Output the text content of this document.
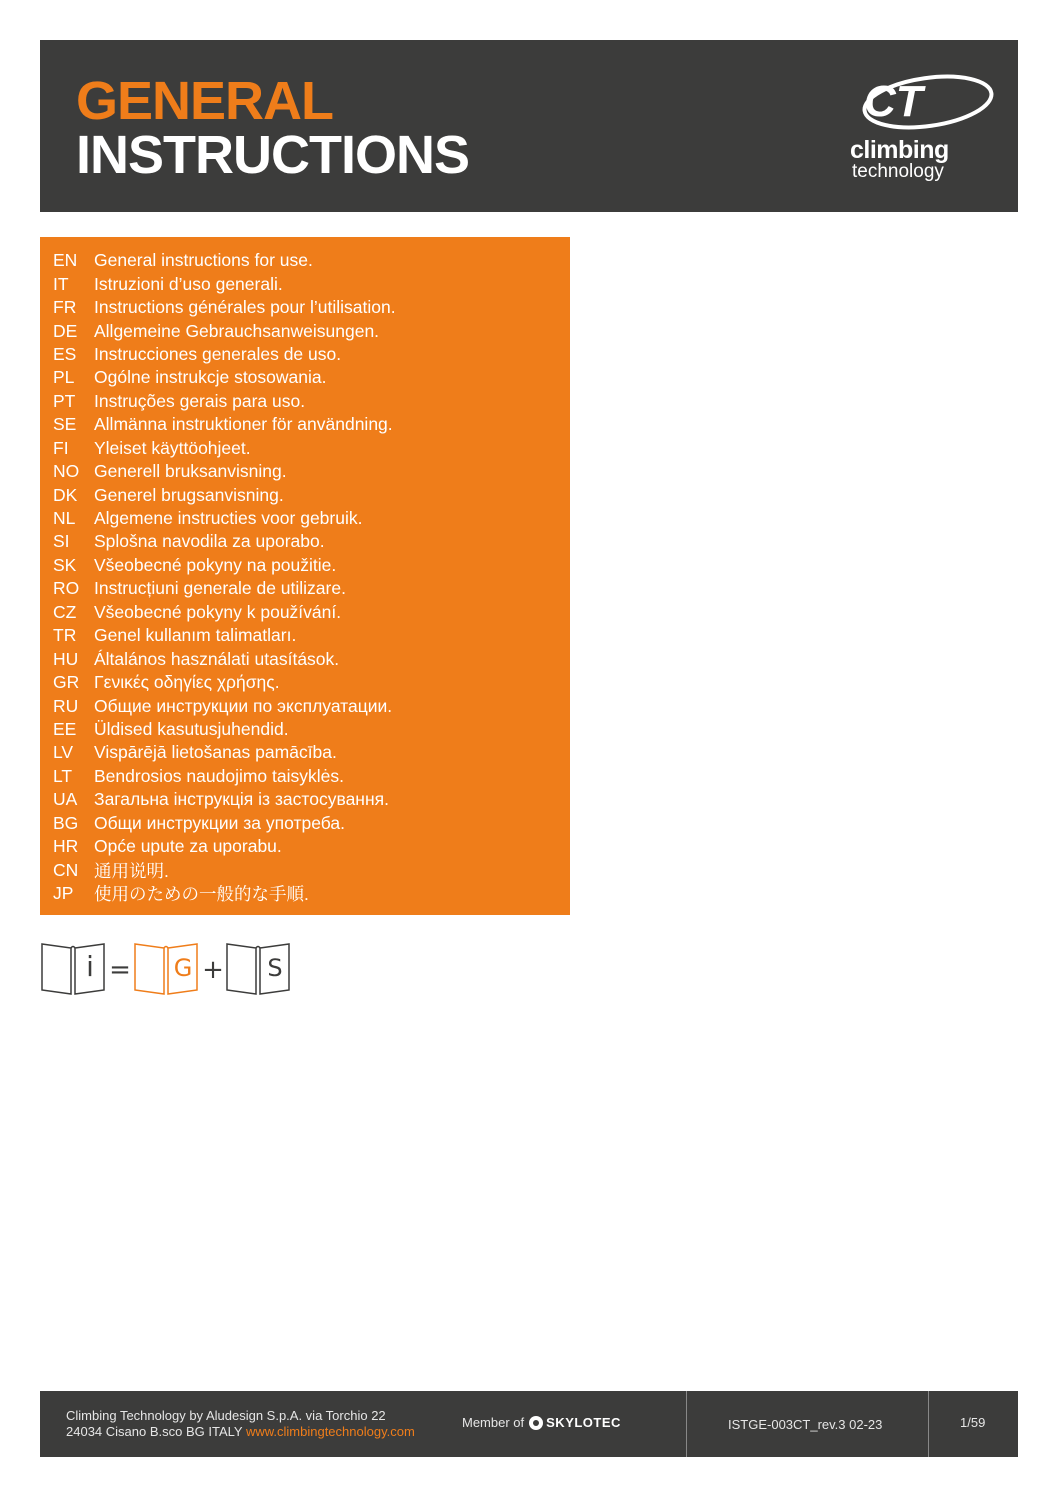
GENERAL
INSTRUCTIONS
CT
climbing
technology
EN General instructions for use.
IT	Istruzioni d’uso generali.
FR	Instructions générales pour l’utilisation.
DE Allgemeine Gebrauchsanweisungen.
ES	Instrucciones generales de uso.
PL	Ogólne instrukcje stosowania.
PT	Instruções gerais para uso.
SE	Allmänna instruktioner för användning.
FI	Yleiset käyttöohjeet.
NO Generell bruksanvisning.
DK Generel brugsanvisning.
NL	Algemene instructies voor gebruik.
SI	Splošna navodila za uporabo.
SK	Všeobecné pokyny na použitie.
RO Instrucțiuni generale de utilizare.
CZ	Všeobecné pokyny k používání.
TR	Genel kullanım talimatları.
HU Általános használati utasítások.
GR Γενικές οδηγίες χρήσης.
RU Общие инструкции по эксплуатации.
EE	Üldised kasutusjuhendid.
LV	Vispārējā lietošanas pamācība.
LT	Bendrosios naudojimo taisyklės.
UA Загальна інструкція із застосування.
BG Общи инструкции за употреба.
HR Opće upute za uporabu.
CN 通用说明.
JP	使用のための一般的な手順.
i = G + S
Climbing Technology by Aludesign S.p.A. via Torchio 22
24034 Cisano B.sco BG ITALY www.climbingtechnology.com
Member of SKYLOTEC	ISTGE-003CT_rev.3 02-23	1/59
